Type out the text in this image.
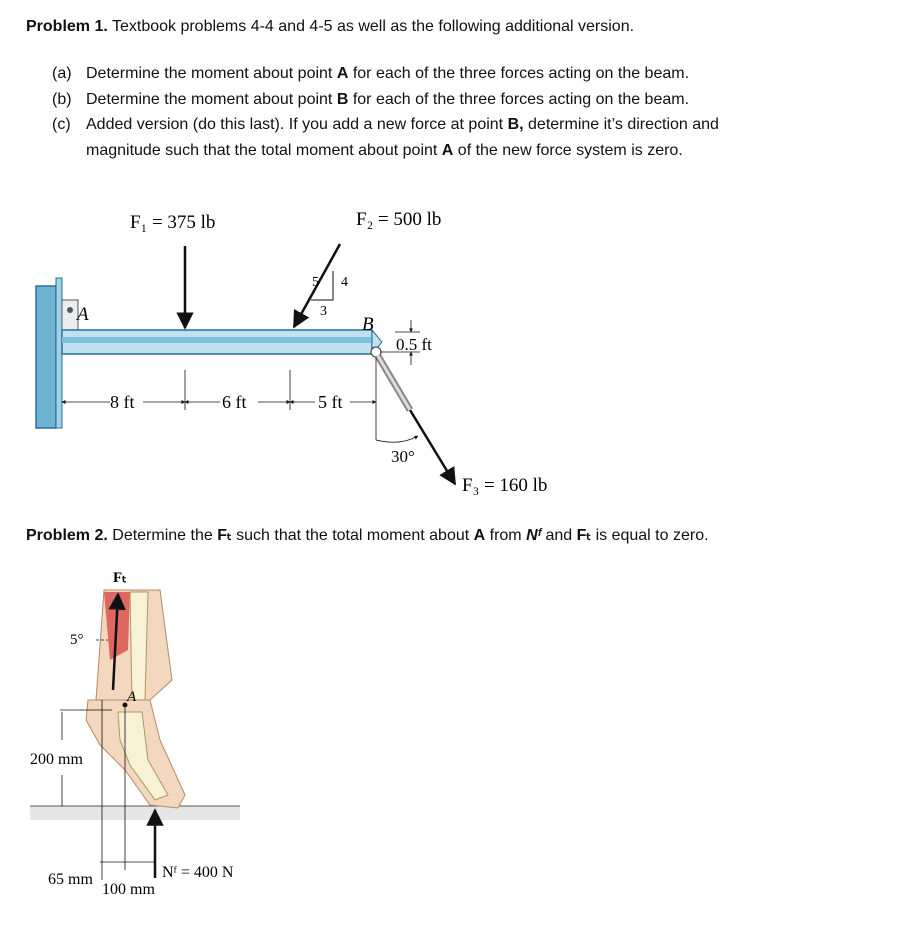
Problem 1. Textbook problems 4-4 and 4-5 as well as the following additional version.
(a) Determine the moment about point A for each of the three forces acting on the beam.
(b) Determine the moment about point B for each of the three forces acting on the beam.
(c) Added version (do this last). If you add a new force at point B, determine it’s direction and magnitude such that the total moment about point A of the new force system is zero.
Problem 2. Determine the Fₜ such that the total moment about A from Nᶠ and Fₜ is equal to zero.
F₁ = 375 lb	F₂ = 500 lb
F₃ = 160 lb
A	B
5 4
3
8 ft	6 ft	5 ft
0.5 ft
30°
Fₜ
5°
A
200 mm
65 mm
100 mm
Nᶠ = 400 N
